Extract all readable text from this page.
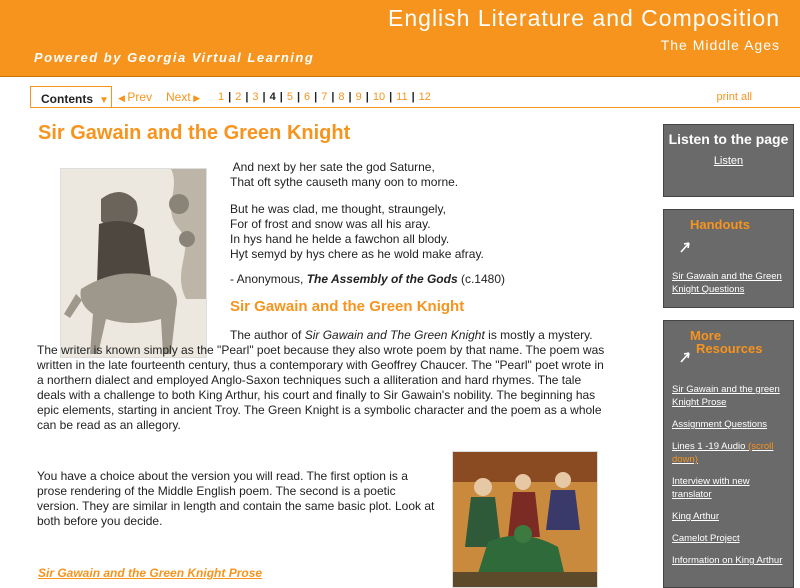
English Literature and Composition
The Middle Ages
Powered by Georgia Virtual Learning
Contents ▼	◀ Prev Next ▶	1 | 2 | 3 | 4 | 5 | 6 | 7 | 8 | 9 | 10 | 11 | 12	print all
Sir Gawain and the Green Knight
And next by her sate the god Saturne,
That oft sythe causeth many oon to morne.
But he was clad, me thought, straungely,
For of frost and snow was all his aray.
In hys hand he helde a fawchon all blody.
Hyt semyd by hys chere as he wold make afray.
- Anonymous, The Assembly of the Gods (c.1480)
Sir Gawain and the Green Knight
The author of Sir Gawain and The Green Knight is mostly a mystery. The writer is known simply as the "Pearl" poet because they also wrote poem by that name. The poem was written in the late fourteenth century, thus a contemporary with Geoffrey Chaucer. The "Pearl" poet wrote in a northern dialect and employed Anglo-Saxon techniques such a alliteration and hard rhymes. The tale deals with a challenge to both King Arthur, his court and finally to Sir Gawain's nobility. The beginning has epic elements, starting in ancient Troy. The Green Knight is a symbolic character and the poem as a whole can be read as an allegory.
You have a choice about the version you will read. The first option is a prose rendering of the Middle English poem. The second is a poetic version. They are similar in length and contain the same basic plot. Look at both before you decide.
Sir Gawain and the Green Knight Prose
Listen to the page
Listen
Handouts
Sir Gawain and the Green Knight Questions
More
Resources
Sir Gawain and the green Knight Prose
Assignment Questions
Lines 1 -19 Audio (scroll down)
Interview with new translator
King Arthur
Camelot Project
Information on King Arthur
